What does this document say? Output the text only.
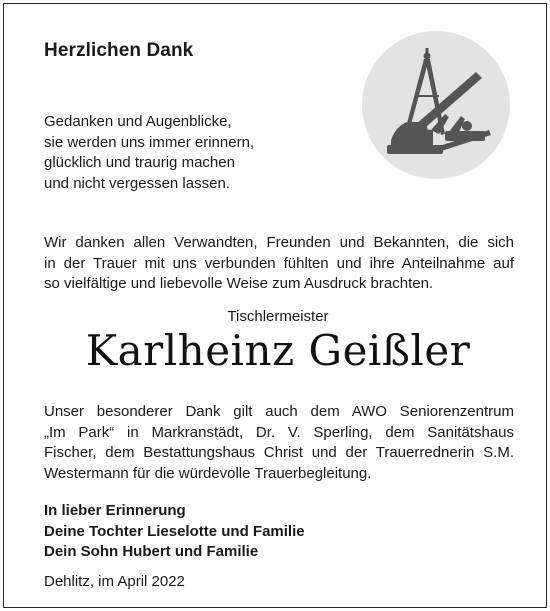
Herzlichen Dank
Gedanken und Augenblicke,
sie werden uns immer erinnern,
glücklich und traurig machen
und nicht vergessen lassen.
Wir danken allen Verwandten, Freunden und Bekannten, die sich
in der Trauer mit uns verbunden fühlten und ihre Anteilnahme auf
so vielfältige und liebevolle Weise zum Ausdruck brachten.
Tischlermeister
Karlheinz Geißler
Unser besonderer Dank gilt auch dem AWO Seniorenzentrum
„Im Park“ in Markranstädt, Dr. V. Sperling, dem Sanitätshaus
Fischer, dem Bestattungshaus Christ und der Trauerrednerin S.M.
Westermann für die würdevolle Trauerbegleitung.
In lieber Erinnerung
Deine Tochter Lieselotte und Familie
Dein Sohn Hubert und Familie
Dehlitz, im April 2022
